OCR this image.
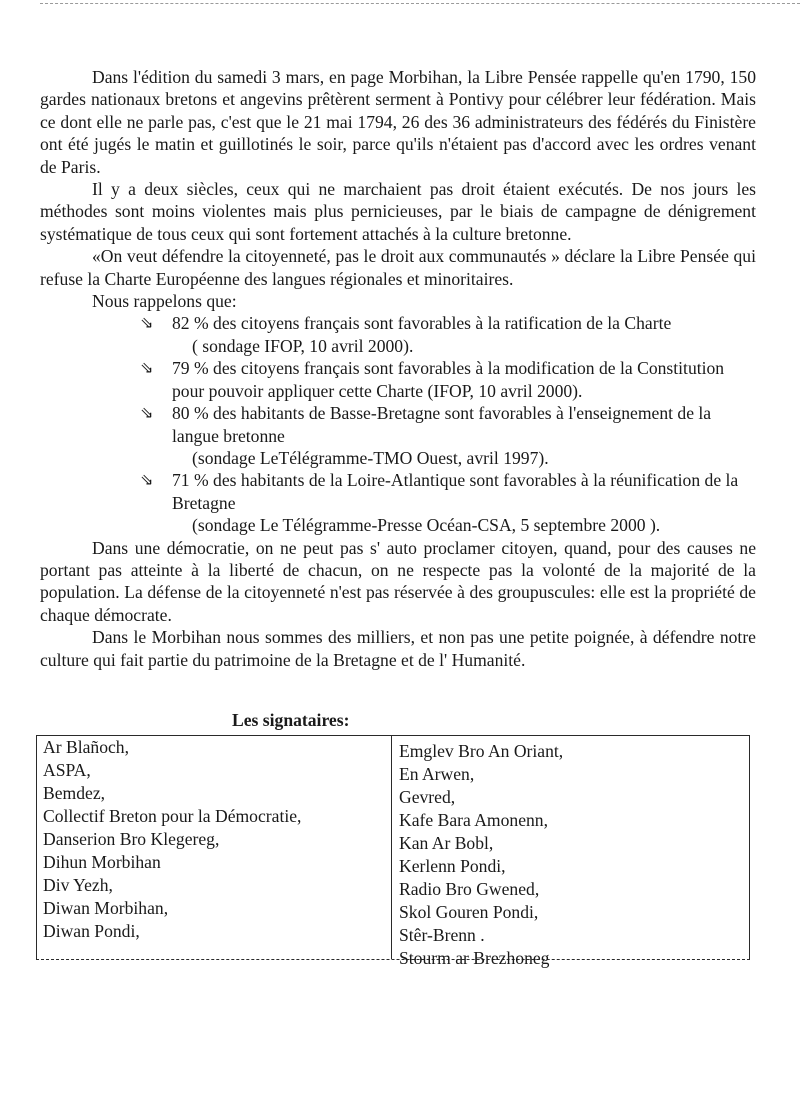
Dans l'édition du samedi 3 mars, en page Morbihan, la Libre Pensée rappelle qu'en 1790, 150 gardes nationaux bretons et angevins prêtèrent serment à Pontivy pour célébrer leur fédération. Mais ce dont elle ne parle pas, c'est que le 21 mai 1794, 26 des 36 administrateurs des fédérés du Finistère ont été jugés le matin et guillotinés le soir, parce qu'ils n'étaient pas d'accord avec les ordres venant de Paris.

Il y a deux siècles, ceux qui ne marchaient pas droit étaient exécutés. De nos jours les méthodes sont moins violentes mais plus pernicieuses, par le biais de campagne de dénigrement systématique de tous ceux qui sont fortement attachés à la culture bretonne.

«On veut défendre la citoyenneté, pas le droit aux communautés » déclare la Libre Pensée qui refuse la Charte Européenne des langues régionales et minoritaires.

Nous rappelons que:

⇘	82 % des citoyens français sont favorables à la ratification de la Charte
( sondage IFOP, 10 avril 2000).
⇘	79 % des citoyens français sont favorables à la modification de la Constitution pour pouvoir appliquer cette Charte (IFOP, 10 avril 2000).
⇘	80 % des habitants de Basse-Bretagne sont favorables à l'enseignement de la langue bretonne
(sondage LeTélégramme-TMO Ouest, avril 1997).
⇘	71 % des habitants de la Loire-Atlantique sont favorables à la réunification de la Bretagne
(sondage Le Télégramme-Presse Océan-CSA, 5 septembre 2000 ).

Dans une démocratie, on ne peut pas s' auto proclamer citoyen, quand, pour des causes ne portant pas atteinte à la liberté de chacun, on ne respecte pas la volonté de la majorité de la population. La défense de la citoyenneté n'est pas réservée à des groupuscules: elle est la propriété de chaque démocrate.

Dans le Morbihan nous sommes des milliers, et non pas une petite poignée, à défendre notre culture qui fait partie du patrimoine de la Bretagne et de l' Humanité.

Les signataires:
Ar Blañoch,
ASPA,
Bemdez,
Collectif Breton pour la Démocratie,
Danserion Bro Klegereg,
Dihun Morbihan
Div Yezh,
Diwan Morbihan,
Diwan Pondi,
Emglev Bro An Oriant,
En Arwen,
Gevred,
Kafe Bara Amonenn,
Kan Ar Bobl,
Kerlenn Pondi,
Radio Bro Gwened,
Skol Gouren Pondi,
Stêr-Brenn .
Stourm ar Brezhoneg
